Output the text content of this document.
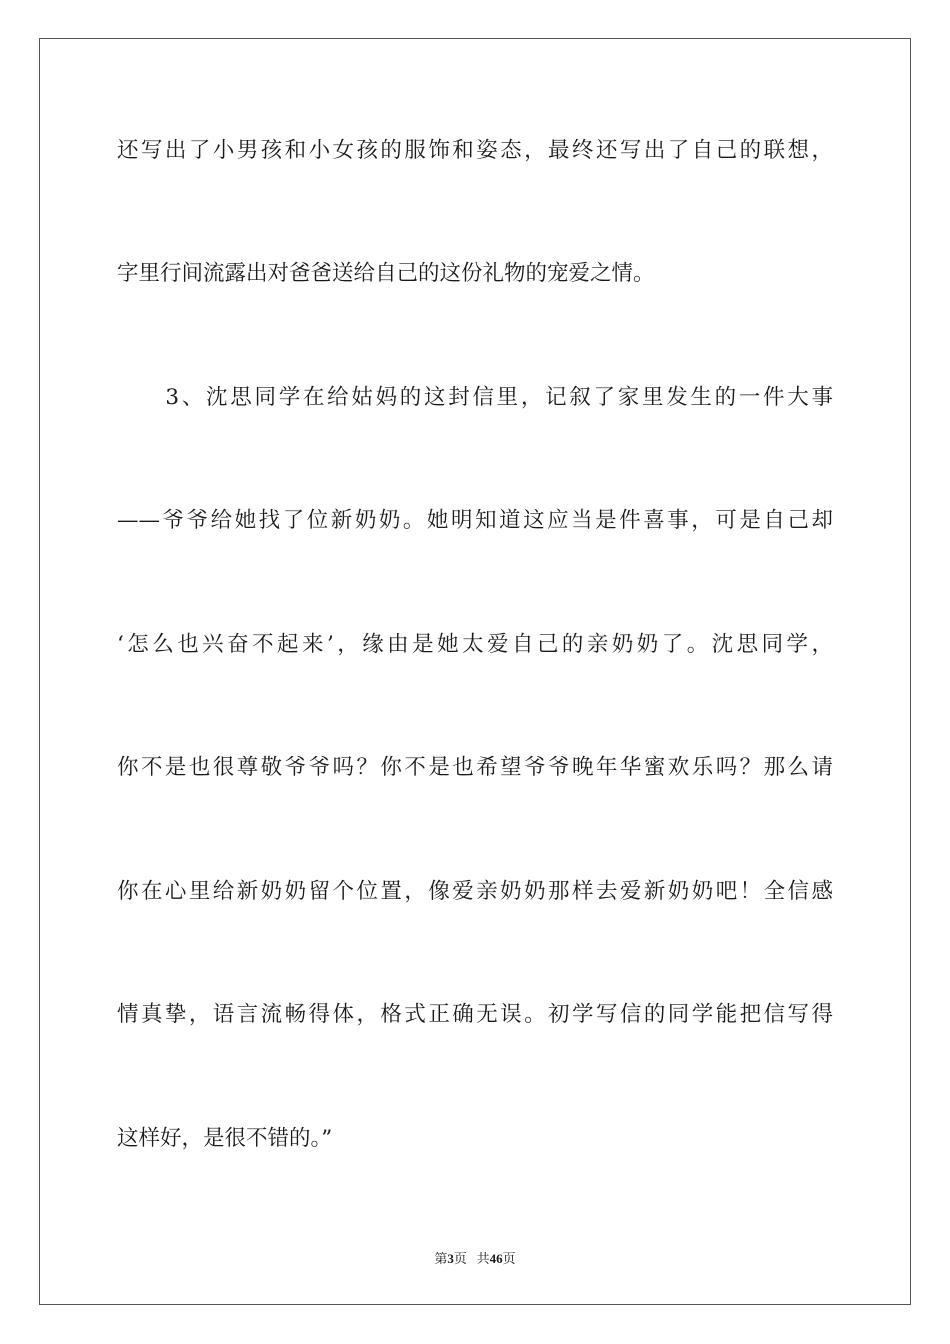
还写出了小男孩和小女孩的服饰和姿态，最终还写出了自己的联想，
字里行间流露出对爸爸送给自己的这份礼物的宠爱之情。
　　3、沈思同学在给姑妈的这封信里，记叙了家里发生的一件大事
——爷爷给她找了位新奶奶。她明知道这应当是件喜事，可是自己却
‘怎么也兴奋不起来’，缘由是她太爱自己的亲奶奶了。沈思同学，
你不是也很尊敬爷爷吗？你不是也希望爷爷晚年华蜜欢乐吗？那么请
你在心里给新奶奶留个位置，像爱亲奶奶那样去爱新奶奶吧！全信感
情真挚，语言流畅得体，格式正确无误。初学写信的同学能把信写得
这样好，是很不错的。”
第3页 共46页
